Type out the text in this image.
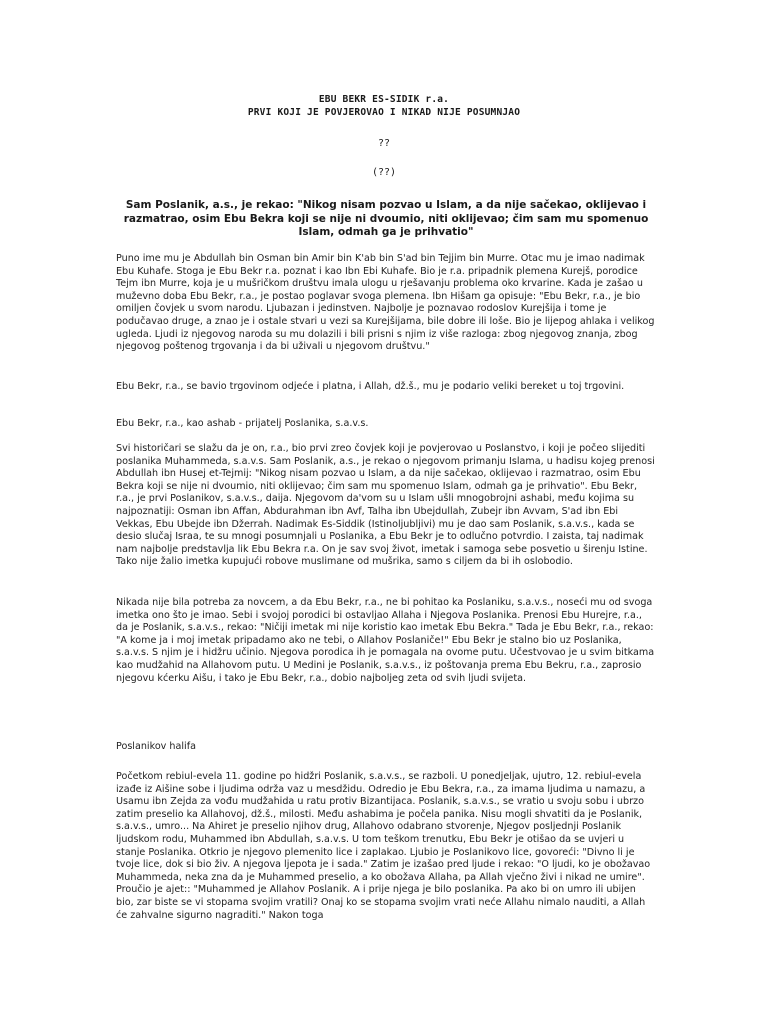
EBU BEKR ES-SIDIK r.a.
PRVI KOJI JE POVJEROVAO I NIKAD NIJE POSUMNJAO
??
(??)
Sam Poslanik, a.s., je rekao: "Nikog nisam pozvao u Islam, a da nije sačekao, oklijevao i razmatrao, osim Ebu Bekra koji se nije ni dvoumio, niti oklijevao; čim sam mu spomenuo Islam, odmah ga je prihvatio"

Puno ime mu je Abdullah bin Osman bin Amir bin K'ab bin S'ad bin Tejjim bin Murre. Otac mu je imao nadimak Ebu Kuhafe. Stoga je Ebu Bekr r.a. poznat i kao Ibn Ebi Kuhafe. Bio je r.a. pripadnik plemena Kurejš, porodice Tejm ibn Murre, koja je u mušričkom društvu imala ulogu u rješavanju problema oko krvarine. Kada je zašao u muževno doba Ebu Bekr, r.a., je postao poglavar svoga plemena. Ibn Hišam ga opisuje: "Ebu Bekr, r.a., je bio omiljen čovjek u svom narodu. Ljubazan i jedinstven. Najbolje je poznavao rodoslov Kurejšija i tome je podučavao druge, a znao je i ostale stvari u vezi sa Kurejšijama, bile dobre ili loše. Bio je lijepog ahlaka i velikog ugleda. Ljudi iz njegovog naroda su mu dolazili i bili prisni s njim iz više razloga: zbog njegovog znanja, zbog njegovog poštenog trgovanja i da bi uživali u njegovom društvu."

Ebu Bekr, r.a., se bavio trgovinom odjeće i platna, i Allah, dž.š., mu je podario veliki bereket u toj trgovini.

Ebu Bekr, r.a., kao ashab - prijatelj Poslanika, s.a.v.s.

Svi historičari se slažu da je on, r.a., bio prvi zreo čovjek koji je povjerovao u Poslanstvo, i koji je počeo slijediti poslanika Muhammeda, s.a.v.s. Sam Poslanik, a.s., je rekao o njegovom primanju Islama, u hadisu kojeg prenosi Abdullah ibn Husej et-Tejmij: "Nikog nisam pozvao u Islam, a da nije sačekao, oklijevao i razmatrao, osim Ebu Bekra koji se nije ni dvoumio, niti oklijevao; čim sam mu spomenuo Islam, odmah ga je prihvatio". Ebu Bekr, r.a., je prvi Poslanikov, s.a.v.s., daija. Njegovom da'vom su u Islam ušli mnogobrojni ashabi, među kojima su najpoznatiji: Osman ibn Affan, Abdurahman ibn Avf, Talha ibn Ubejdullah, Zubejr ibn Avvam, S'ad ibn Ebi Vekkas, Ebu Ubejde ibn Džerrah. Nadimak Es-Siddik (Istinoljubljivi) mu je dao sam Poslanik, s.a.v.s., kada se desio slučaj Israa, te su mnogi posumnjali u Poslanika, a Ebu Bekr je to odlučno potvrdio. I zaista, taj nadimak nam najbolje predstavlja lik Ebu Bekra r.a. On je sav svoj život, imetak i samoga sebe posvetio u širenju Istine. Tako nije žalio imetka kupujući robove muslimane od mušrika, samo s ciljem da bi ih oslobodio.

Nikada nije bila potreba za novcem, a da Ebu Bekr, r.a., ne bi pohitao ka Poslaniku, s.a.v.s., noseći mu od svoga imetka ono što je imao. Sebi i svojoj porodici bi ostavljao Allaha i Njegova Poslanika. Prenosi Ebu Hurejre, r.a., da je Poslanik, s.a.v.s., rekao: "Ničiji imetak mi nije koristio kao imetak Ebu Bekra." Tada je Ebu Bekr, r.a., rekao: "A kome ja i moj imetak pripadamo ako ne tebi, o Allahov Poslaniče!" Ebu Bekr je stalno bio uz Poslanika, s.a.v.s. S njim je i hidžru učinio. Njegova porodica ih je pomagala na ovome putu. Učestvovao je u svim bitkama kao mudžahid na Allahovom putu. U Medini je Poslanik, s.a.v.s., iz poštovanja prema Ebu Bekru, r.a., zaprosio njegovu kćerku Aišu, i tako je Ebu Bekr, r.a., dobio najboljeg zeta od svih ljudi svijeta.

Poslanikov halifa

Početkom rebiul-evela 11. godine po hidžri Poslanik, s.a.v.s., se razboli. U ponedjeljak, ujutro, 12. rebiul-evela izađe iz Aišine sobe i ljudima održa vaz u mesdžidu. Odredio je Ebu Bekra, r.a., za imama ljudima u namazu, a Usamu ibn Zejda za vođu mudžahida u ratu protiv Bizantijaca. Poslanik, s.a.v.s., se vratio u svoju sobu i ubrzo zatim preselio ka Allahovoj, dž.š., milosti. Među ashabima je počela panika. Nisu mogli shvatiti da je Poslanik, s.a.v.s., umro... Na Ahiret je preselio njihov drug, Allahovo odabrano stvorenje, Njegov posljednji Poslanik ljudskom rodu, Muhammed ibn Abdullah, s.a.v.s. U tom teškom trenutku, Ebu Bekr je otišao da se uvjeri u stanje Poslanika. Otkrio je njegovo plemenito lice i zaplakao. Ljubio je Poslanikovo lice, govoreći: "Divno li je tvoje lice, dok si bio živ. A njegova ljepota je i sada." Zatim je izašao pred ljude i rekao: "O ljudi, ko je obožavao Muhammeda, neka zna da je Muhammed preselio, a ko obožava Allaha, pa Allah vječno živi i nikad ne umire". Proučio je ajet:: "Muhammed je Allahov Poslanik. A i prije njega je bilo poslanika. Pa ako bi on umro ili ubijen bio, zar biste se vi stopama svojim vratili? Onaj ko se stopama svojim vrati neće Allahu nimalo nauditi, a Allah će zahvalne sigurno nagraditi." Nakon toga
